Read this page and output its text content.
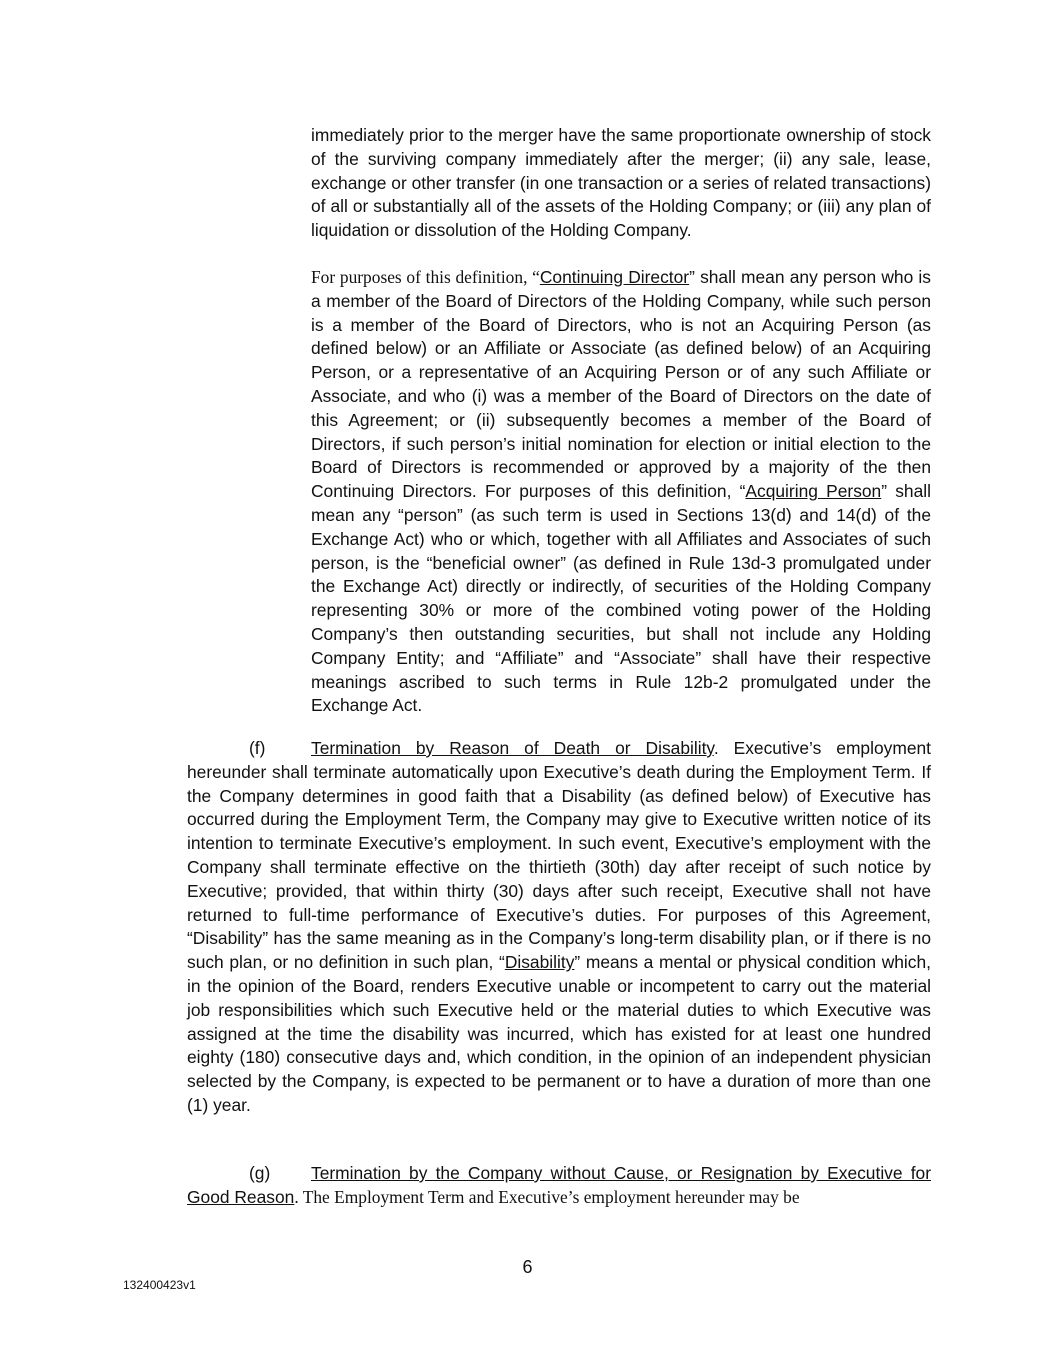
immediately prior to the merger have the same proportionate ownership of stock of the surviving company immediately after the merger; (ii) any sale, lease, exchange or other transfer (in one transaction or a series of related transactions) of all or substantially all of the assets of the Holding Company; or (iii) any plan of liquidation or dissolution of the Holding Company.

For purposes of this definition, “Continuing Director” shall mean any person who is a member of the Board of Directors of the Holding Company, while such person is a member of the Board of Directors, who is not an Acquiring Person (as defined below) or an Affiliate or Associate (as defined below) of an Acquiring Person, or a representative of an Acquiring Person or of any such Affiliate or Associate, and who (i) was a member of the Board of Directors on the date of this Agreement; or (ii) subsequently becomes a member of the Board of Directors, if such person’s initial nomination for election or initial election to the Board of Directors is recommended or approved by a majority of the then Continuing Directors. For purposes of this definition, “Acquiring Person” shall mean any “person” (as such term is used in Sections 13(d) and 14(d) of the Exchange Act) who or which, together with all Affiliates and Associates of such person, is the “beneficial owner” (as defined in Rule 13d-3 promulgated under the Exchange Act) directly or indirectly, of securities of the Holding Company representing 30% or more of the combined voting power of the Holding Company’s then outstanding securities, but shall not include any Holding Company Entity; and “Affiliate” and “Associate” shall have their respective meanings ascribed to such terms in Rule 12b-2 promulgated under the Exchange Act.

(f)	Termination by Reason of Death or Disability. Executive’s employment hereunder shall terminate automatically upon Executive’s death during the Employment Term. If the Company determines in good faith that a Disability (as defined below) of Executive has occurred during the Employment Term, the Company may give to Executive written notice of its intention to terminate Executive’s employment. In such event, Executive’s employment with the Company shall terminate effective on the thirtieth (30th) day after receipt of such notice by Executive; provided, that within thirty (30) days after such receipt, Executive shall not have returned to full-time performance of Executive’s duties. For purposes of this Agreement, “Disability” has the same meaning as in the Company’s long-term disability plan, or if there is no such plan, or no definition in such plan, “Disability” means a mental or physical condition which, in the opinion of the Board, renders Executive unable or incompetent to carry out the material job responsibilities which such Executive held or the material duties to which Executive was assigned at the time the disability was incurred, which has existed for at least one hundred eighty (180) consecutive days and, which condition, in the opinion of an independent physician selected by the Company, is expected to be permanent or to have a duration of more than one (1) year.

(g) Termination by the Company without Cause, or Resignation by Executive for Good Reason. The Employment Term and Executive’s employment hereunder may be

6
132400423v1
